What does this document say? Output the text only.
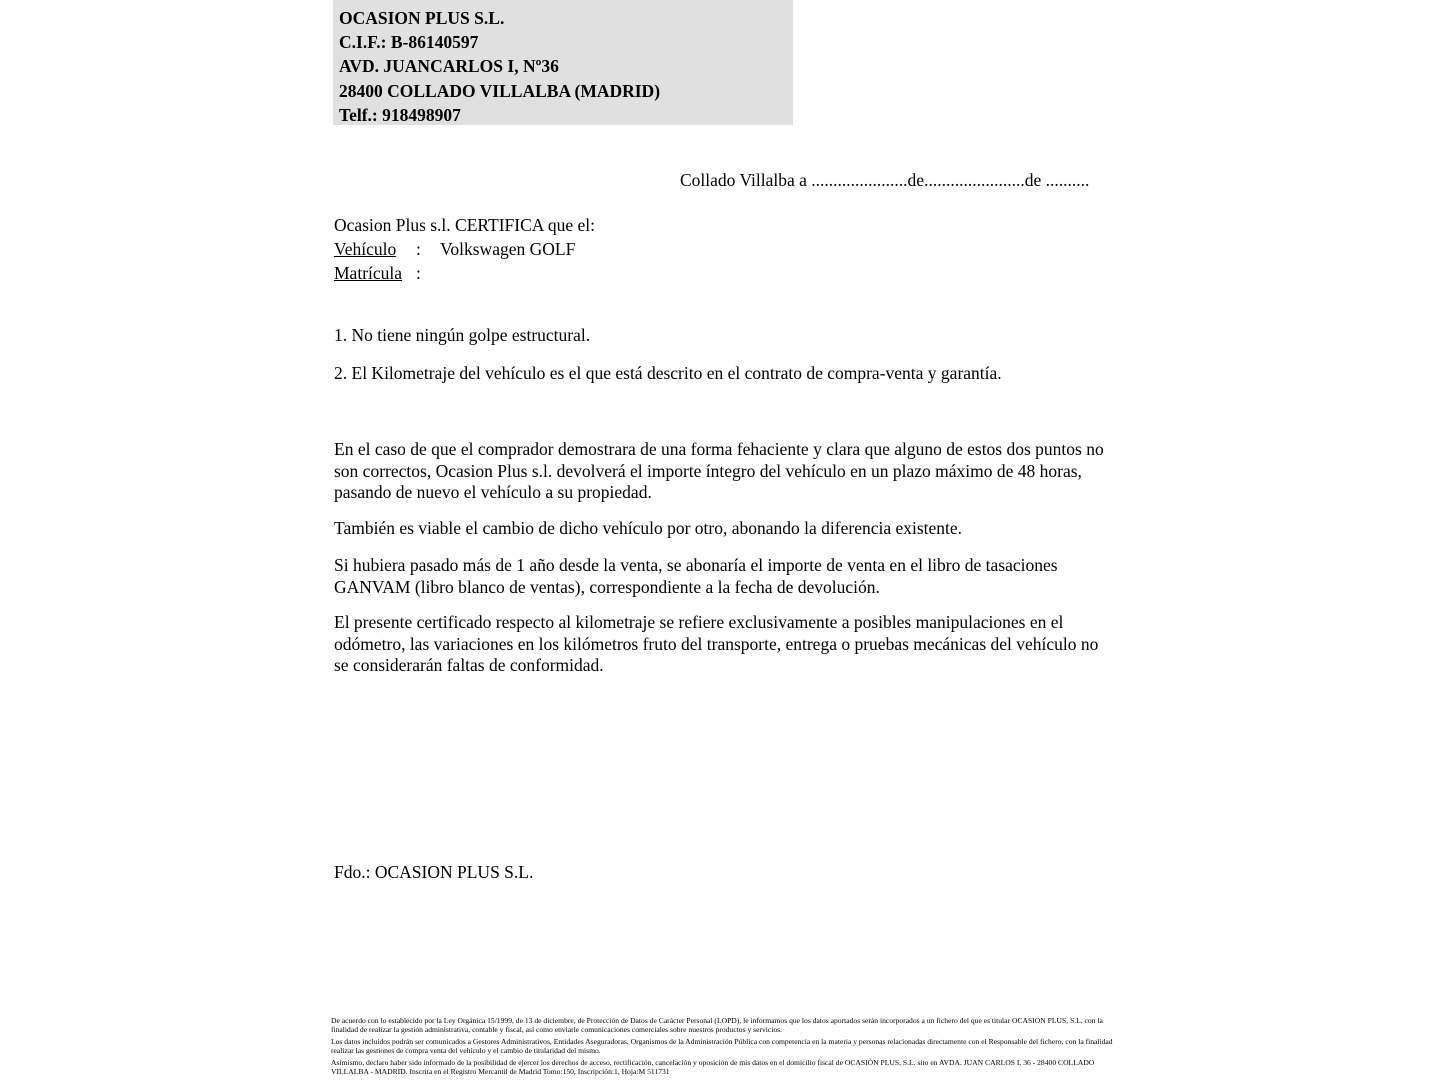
OCASION PLUS S.L.
C.I.F.: B-86140597
AVD. JUANCARLOS I, Nº36
28400 COLLADO VILLALBA (MADRID)
Telf.: 918498907
Collado Villalba a ......................de.......................de ..........
Ocasion Plus s.l. CERTIFICA que el:
Vehículo : Volkswagen GOLF
Matrícula :
1. No tiene ningún golpe estructural.
2. El Kilometraje del vehículo es el que está descrito en el contrato de compra-venta y garantía.
En el caso de que el comprador demostrara de una forma fehaciente y clara que alguno de estos dos puntos no son correctos, Ocasion Plus s.l. devolverá el importe íntegro del vehículo en un plazo máximo de 48 horas, pasando de nuevo el vehículo a su propiedad.
También es viable el cambio de dicho vehículo por otro, abonando la diferencia existente.
Si hubiera pasado más de 1 año desde la venta, se abonaría el importe de venta en el libro de tasaciones GANVAM (libro blanco de ventas), correspondiente a la fecha de devolución.
El presente certificado respecto al kilometraje se refiere exclusivamente a posibles manipulaciones en el odómetro, las variaciones en los kilómetros fruto del transporte, entrega o pruebas mecánicas del vehículo no se considerarán faltas de conformidad.
Fdo.: OCASION PLUS S.L.

De acuerdo con lo establecido por la Ley Orgánica 15/1999, de 13 de diciembre, de Protección de Datos de Carácter Personal (LOPD), le informamos que los datos aportados serán incorporados a un fichero del que es titular OCASION PLUS, S.L. con la finalidad de realizar la gestión administrativa, contable y fiscal, así como enviarle comunicaciones comerciales sobre nuestros productos y servicios.

Los datos incluidos podrán ser comunicados a Gestores Administrativos, Entidades Aseguradoras, Organismos de la Administración Pública con competencia en la materia y personas relacionadas directamente con el Responsable del fichero, con la finalidad realizar las gestiones de compra venta del vehículo y el cambio de titularidad del mismo.

Asimismo, declaro haber sido informado de la posibilidad de ejercer los derechos de acceso, rectificación, cancelación y oposición de mis datos en el domicilio fiscal de OCASIÓN PLUS, S.L. sito en AVDA. JUAN CARLOS I, 36 - 28400 COLLADO VILLALBA - MADRID. Inscrita en el Registro Mercantil de Madrid Tomo:150, Inscripción:1, Hoja:M 511731
